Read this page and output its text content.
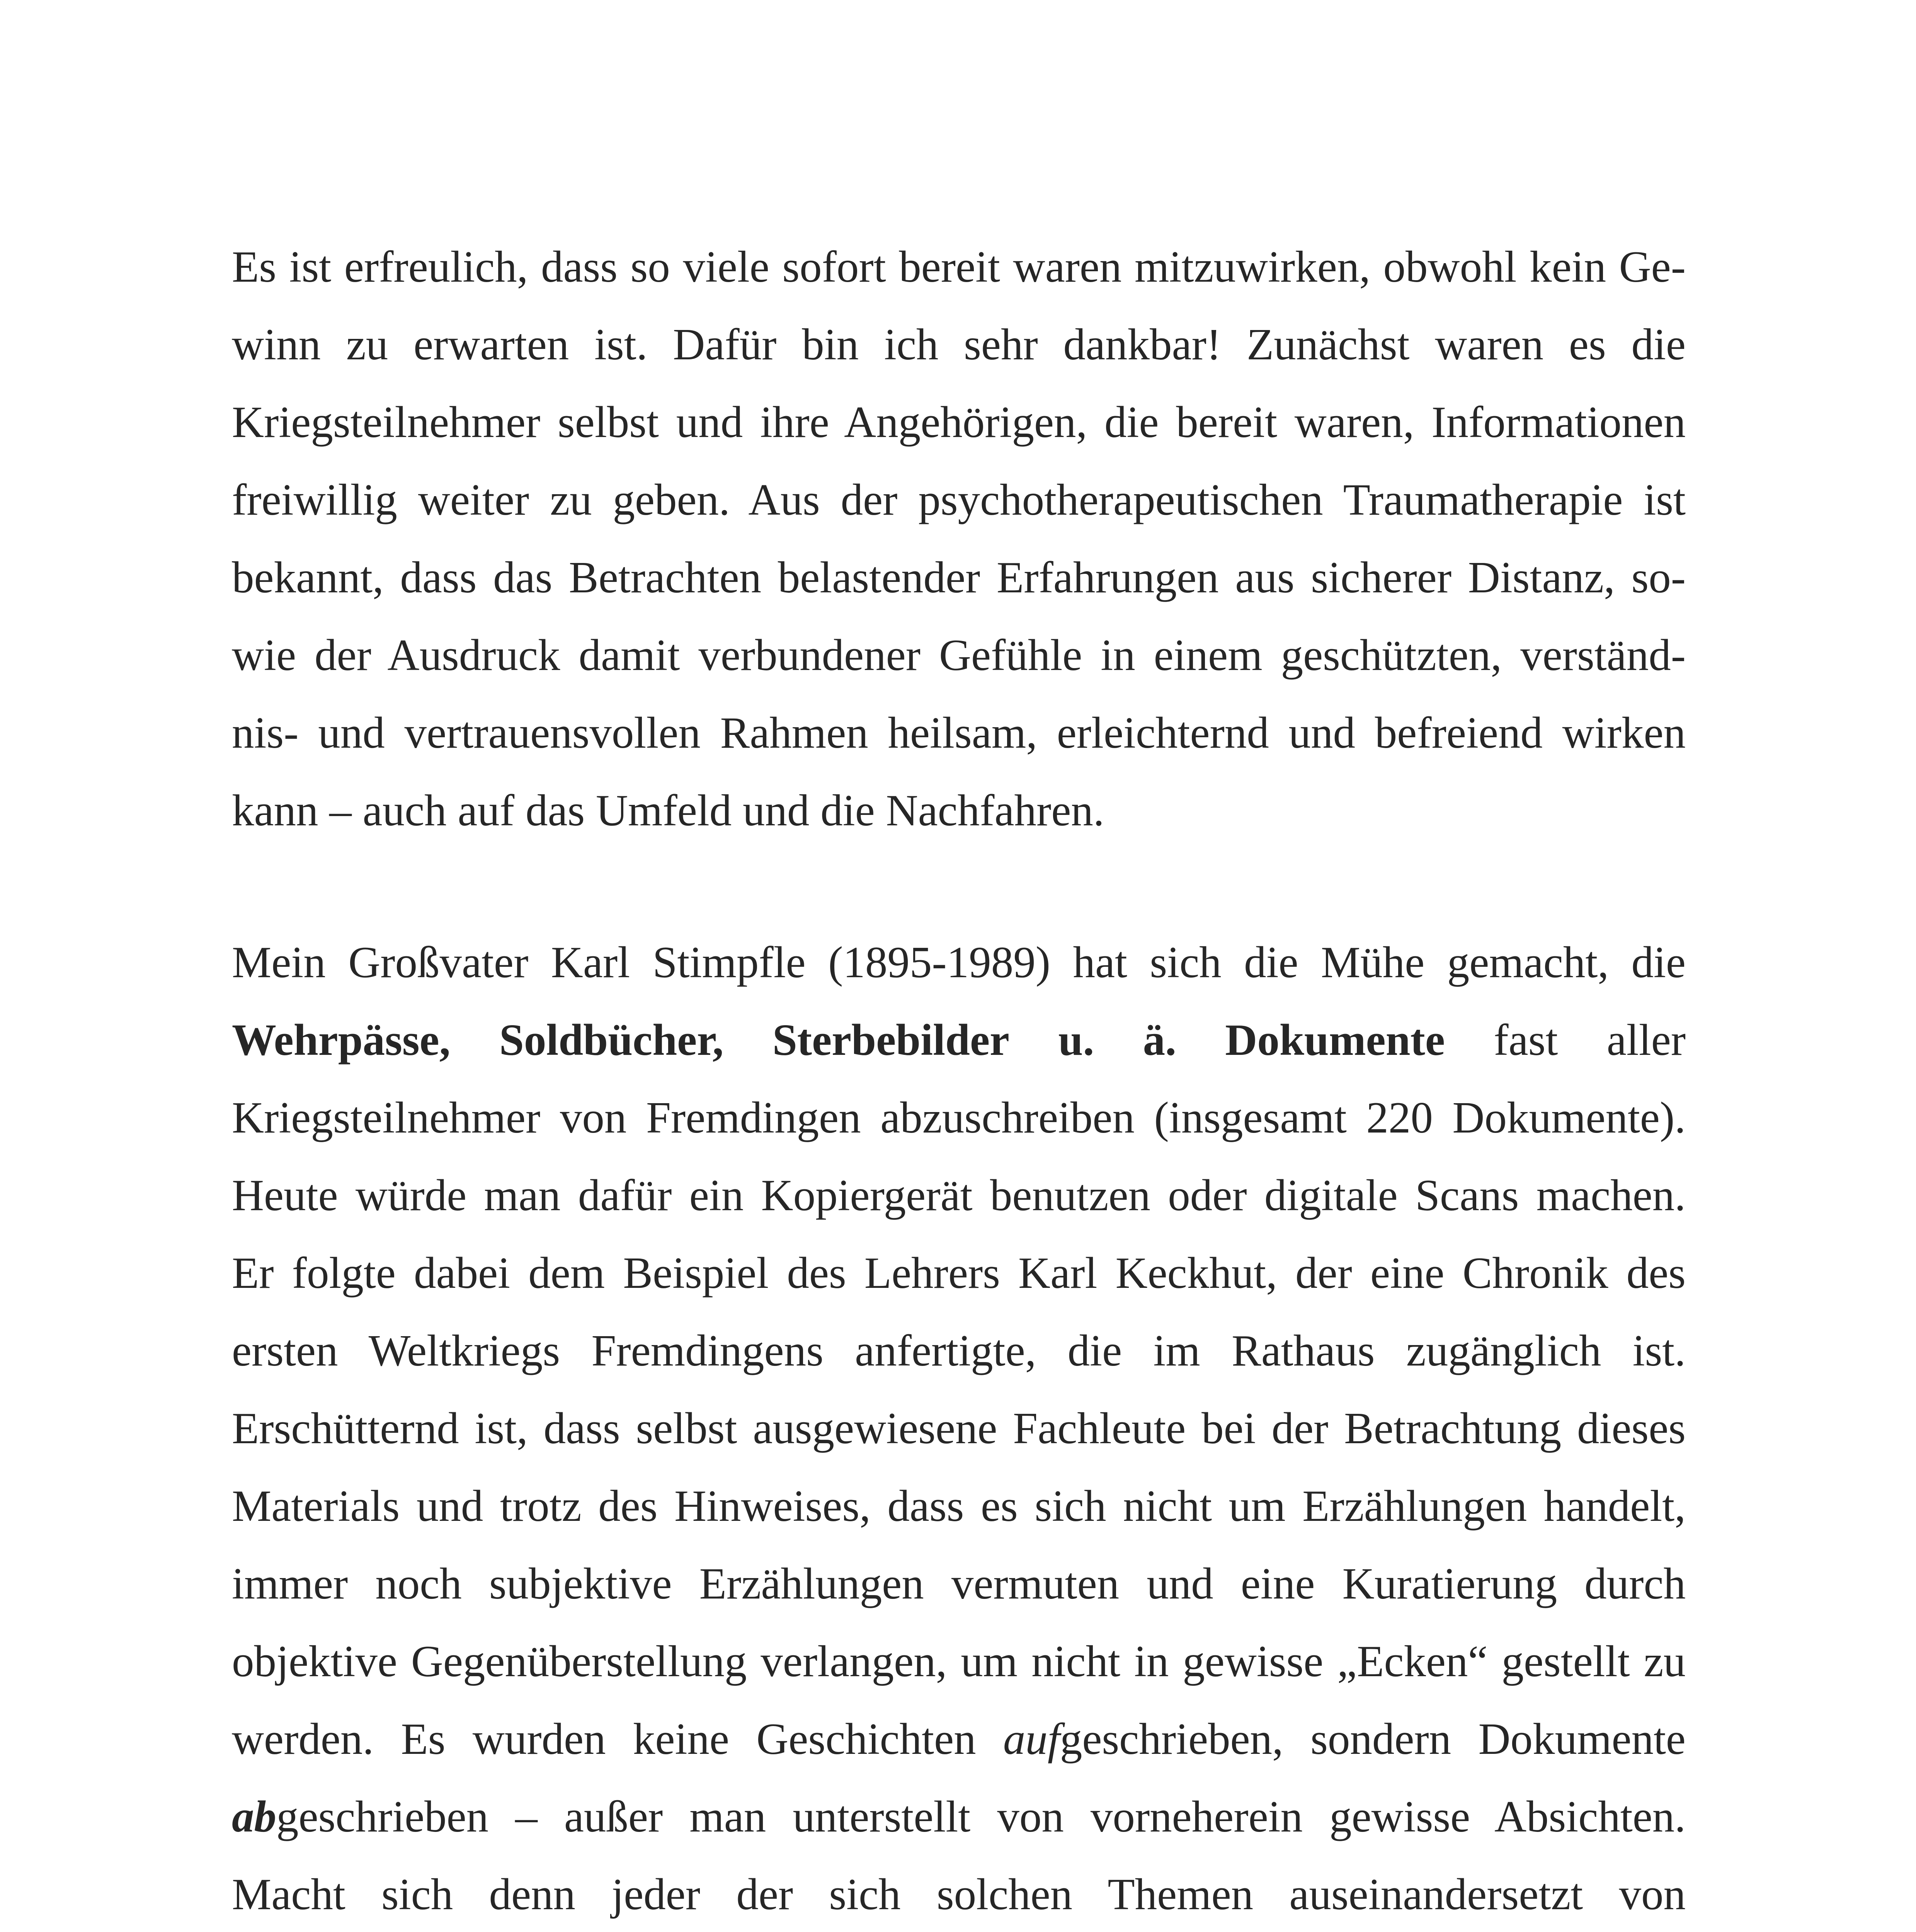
Es ist erfreulich, dass so viele sofort bereit waren mitzuwirken, obwohl kein Ge-
winn zu erwarten ist. Dafür bin ich sehr dankbar! Zunächst waren es die
Kriegsteilnehmer selbst und ihre Angehörigen, die bereit waren, Informationen
freiwillig weiter zu geben. Aus der psychotherapeutischen Traumatherapie ist
bekannt, dass das Betrachten belastender Erfahrungen aus sicherer Distanz, so-
wie der Ausdruck damit verbundener Gefühle in einem geschützten, verständ-
nis- und vertrauensvollen Rahmen heilsam, erleichternd und befreiend wirken
kann – auch auf das Umfeld und die Nachfahren.
Mein Großvater Karl Stimpfle (1895-1989) hat sich die Mühe gemacht, die
Wehrpässe, Soldbücher, Sterbebilder u. ä. Dokumente fast aller
Kriegsteilnehmer von Fremdingen abzuschreiben (insgesamt 220 Dokumente).
Heute würde man dafür ein Kopiergerät benutzen oder digitale Scans machen.
Er folgte dabei dem Beispiel des Lehrers Karl Keckhut, der eine Chronik des
ersten Weltkriegs Fremdingens anfertigte, die im Rathaus zugänglich ist.
Erschütternd ist, dass selbst ausgewiesene Fachleute bei der Betrachtung dieses
Materials und trotz des Hinweises, dass es sich nicht um Erzählungen handelt,
immer noch subjektive Erzählungen vermuten und eine Kuratierung durch
objektive Gegenüberstellung verlangen, um nicht in gewisse „Ecken“ gestellt zu
werden. Es wurden keine Geschichten aufgeschrieben, sondern Dokumente
abgeschrieben – außer man unterstellt von vorneherein gewisse Absichten.
Macht sich denn jeder der sich solchen Themen auseinandersetzt von
